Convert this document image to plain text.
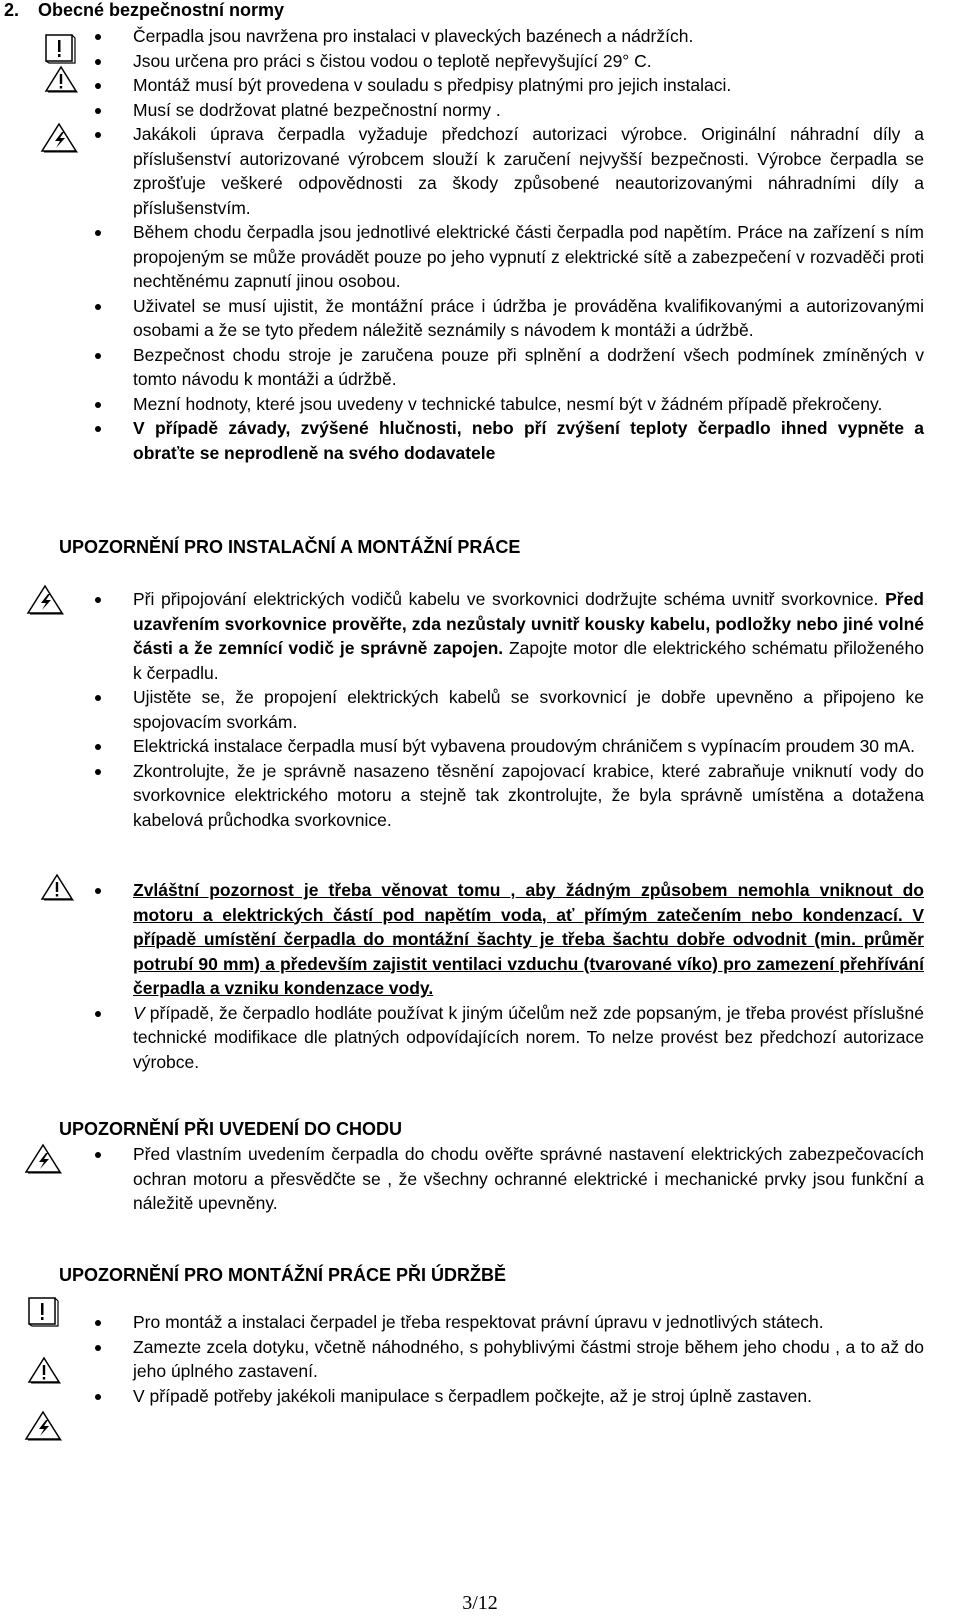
2. Obecné bezpečnostní normy
Čerpadla jsou navržena pro instalaci v plaveckých bazénech a nádržích.
Jsou určena pro práci s čistou vodou o teplotě nepřevyšující 29° C.
Montáž musí být provedena v souladu s předpisy platnými pro jejich instalaci.
Musí se dodržovat platné bezpečnostní normy .
Jakákoli úprava čerpadla vyžaduje předchozí autorizaci výrobce. Originální náhradní díly a příslušenství autorizované výrobcem slouží k zaručení nejvyšší bezpečnosti. Výrobce čerpadla se zprošťuje veškeré odpovědnosti za škody způsobené neautorizovanými náhradními díly a příslušenstvím.
Během chodu čerpadla jsou jednotlivé elektrické části čerpadla pod napětím. Práce na zařízení s ním propojeným se může provádět pouze po jeho vypnutí z elektrické sítě a zabezpečení v rozvaděči proti nechtěnému zapnutí jinou osobou.
Uživatel se musí ujistit, že montážní práce i údržba je prováděna kvalifikovanými a autorizovanými osobami a že se tyto předem náležitě seznámily s návodem k montáži a údržbě.
Bezpečnost chodu stroje je zaručena pouze při splnění a dodržení všech podmínek zmíněných v tomto návodu k montáži a údržbě.
Mezní hodnoty, které jsou uvedeny v technické tabulce, nesmí být v žádném případě překročeny.
V případě závady, zvýšené hlučnosti, nebo pří zvýšení teploty čerpadlo ihned vypněte a obraťte se neprodleně na svého dodavatele
UPOZORNĚNÍ PRO INSTALAČNÍ A MONTÁŽNÍ PRÁCE
Při připojování elektrických vodičů kabelu ve svorkovnici dodržujte schéma uvnitř svorkovnice. Před uzavřením svorkovnice prověřte, zda nezůstaly uvnitř kousky kabelu, podložky nebo jiné volné části a že zemnící vodič je správně zapojen. Zapojte motor dle elektrického schématu přiloženého k čerpadlu.
Ujistěte se, že propojení elektrických kabelů se svorkovnicí je dobře upevněno a připojeno ke spojovacím svorkám.
Elektrická instalace čerpadla musí být vybavena proudovým chráničem s vypínacím proudem 30 mA.
Zkontrolujte, že je správně nasazeno těsnění zapojovací krabice, které zabraňuje vniknutí vody do svorkovnice elektrického motoru a stejně tak zkontrolujte, že byla správně umístěna a dotažena kabelová průchodka svorkovnice.
Zvláštní pozornost je třeba věnovat tomu , aby žádným způsobem nemohla vniknout do motoru a elektrických částí pod napětím voda, ať přímým zatečením nebo kondenzací. V případě umístění čerpadla do montážní šachty je třeba šachtu dobře odvodnit (min. průměr potrubí 90 mm) a především zajistit ventilaci vzduchu (tvarované víko) pro zamezení přehřívání čerpadla a vzniku kondenzace vody.
V případě, že čerpadlo hodláte používat k jiným účelům než zde popsaným, je třeba provést příslušné technické modifikace dle platných odpovídajících norem. To nelze provést bez předchozí autorizace výrobce.
UPOZORNĚNÍ PŘI UVEDENÍ DO CHODU
Před vlastním uvedením čerpadla do chodu ověřte správné nastavení elektrických zabezpečovacích ochran motoru a přesvědčte se , že všechny ochranné elektrické i mechanické prvky jsou funkční a náležitě upevněny.
UPOZORNĚNÍ PRO MONTÁŽNÍ PRÁCE PŘI ÚDRŽBĚ
Pro montáž a instalaci čerpadel je třeba respektovat právní úpravu v jednotlivých státech.
Zamezte zcela dotyku, včetně náhodného, s pohyblivými částmi stroje během jeho chodu , a to až do jeho úplného zastavení.
V případě potřeby jakékoli manipulace s čerpadlem počkejte, až je stroj úplně zastaven.
3/12
